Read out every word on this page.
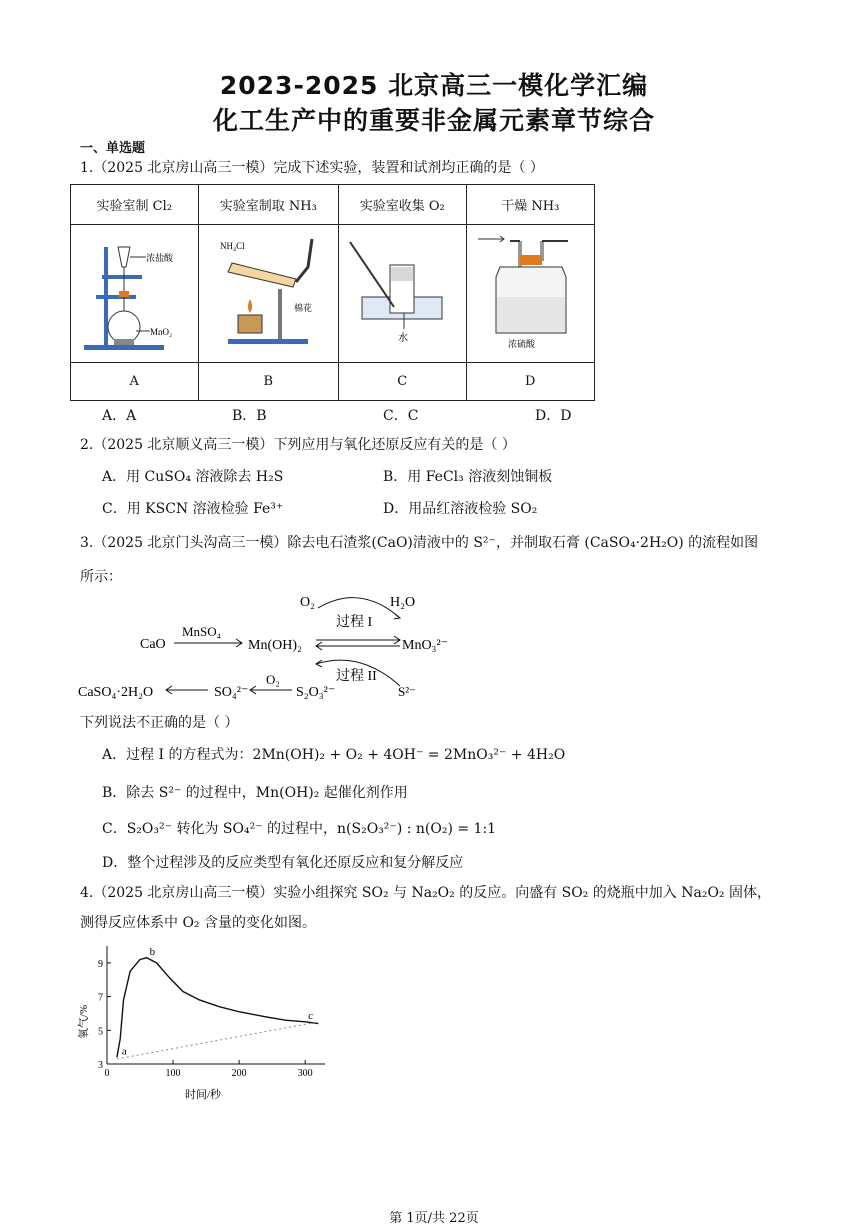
2023-2025 北京高三一模化学汇编
化工生产中的重要非金属元素章节综合
一、单选题
1.（2025 北京房山高三一模）完成下述实验，装置和试剂均正确的是（ ）
实验室制 Cl₂	实验室制取 NH₃	实验室收集 O₂	干燥 NH₃

浓盐酸
MnO₂	NH₄Cl
棉花	水	浓硫酸

A	B	C	D
A．A	B．B	C．C	D．D
2.（2025 北京顺义高三一模）下列应用与氧化还原反应有关的是（ ）
A．用 CuSO₄ 溶液除去 H₂S	B．用 FeCl₃ 溶液刻蚀铜板
C．用 KSCN 溶液检验 Fe³⁺	D．用品红溶液检验 SO₂
3.（2025 北京门头沟高三一模）除去电石渣浆(CaO)清液中的 S²⁻，并制取石膏 (CaSO₄·2H₂O) 的流程如图
所示：
O₂	H₂O
过程 I
CaO
MnSO₄
Mn(OH)₂	MnO₃²⁻
过程 II
S²⁻
O₂
S₂O₃²⁻
SO₄²⁻
CaSO₄·2H₂O
下列说法不正确的是（ ）
A．过程 I 的方程式为：2Mn(OH)₂ + O₂ + 4OH⁻ = 2MnO₃²⁻ + 4H₂O
B．除去 S²⁻ 的过程中，Mn(OH)₂ 起催化剂作用
C．S₂O₃²⁻ 转化为 SO₄²⁻ 的过程中，n(S₂O₃²⁻) : n(O₂) = 1:1
D．整个过程涉及的反应类型有氧化还原反应和复分解反应
4.（2025 北京房山高三一模）实验小组探究 SO₂ 与 Na₂O₂ 的反应。向盛有 SO₂ 的烧瓶中加入 Na₂O₂ 固体，
测得反应体系中 O₂ 含量的变化如图。
0	100	200	300
3
5
7
9
a
b
c
时间/秒
氧气/%
第 1页/共 22页
